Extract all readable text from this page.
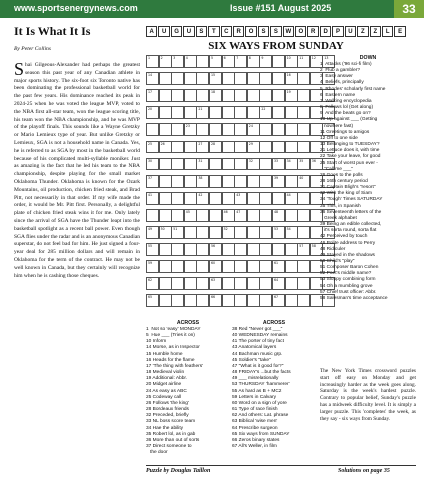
www.sportsenergynews.com	Issue #151 August 2025	33
It Is What It Is
By Peter Collins
Shai Gilgeous-Alexander had perhaps the greatest season this past year of any Canadian athlete in major sports history. The six-foot six Toronto native has been dominating the professional basketball world for the past few years. His dominance reached its peak in 2024-25 when he was voted the league MVP, voted to the NBA first all-star team, won the league scoring title, his team won the NBA championship, and he was MVP of the playoff finals. This sounds like a Wayne Gretzky or Mario Lemieux type of year. But unlike Gretzky or Lemieux, SGA is not a household name in Canada. Yes, he is referred to as SGA by most in the basketball world because of his complicated multi-syllable moniker. Just as amazing is the fact that he led his team to the NBA championship, despite playing for the small market Oklahoma Thunder. Oklahoma is known for the Ozark Mountains, oil production, chicken fried steak, and Brad Pitt, not necessarily in that order. If my wife made the order, it would be Mr. Pitt first. Personally, a delightful plate of chicken fried steak wins it for me. Only lately since the arrival of SGA have the Thunder leapt into the basketball spotlight as a recent ball power. Even though SGA flies under the radar and is an anonymous Canadian superstar, do not feel bad for him. He just signed a four-year deal for 285 million dollars and will remain in Oklahoma for the term of the contract. He may not be well known in Canada, but they certainly will recognize him when he is cashing those cheques.
A	U	G	U	S	T	C	R	O	S	S	W	O	R	D	P	U	Z	Z	L	E
SIX WAYS FROM SUNDAY
1	2	3	4	5	6	7	8	9	10	11	12	13
14	15	16
17	18	19
20	21	22
23	24
25	26	27	28	29
30	31	32	33	34	35	36
37	38	39	40
41	42	43	44
45	46	47	48
49	50	51	52	53	54
55	56	57	58
59	60	61
62	63	64
65	66	67
DOWN
1  Attacks ('96 sci-fi film)
2  Flub a gambler?
3  Easy answer
4  Beliefs, principally
5  Rhodes' scholarly first name
6  Eastern name
7  Walking encyclopedia
8  Follows lol (Get along)
9  And the beats go on?
10 Up against ___ (Getting
nowhere fast)
11 Greetings to amigos
12 Off to one side
13 Belonging to TUESDAY?
21 Lettuce does it, with time
22 Take your leave, for good
25 Start of worst pun ever -
"Call me ___"
26 Goes to the polls
28 16th century period
31 Captain Bligh's "resort"
32 With the king of Siam
34 'Tough' Times SATURDAY
35 This, in Spanish
36 Seventeenth letters of the
Greek alphabet
39 Being an edible collected,
it's sorta round, sorta flat
42 Perceived by touch
46 Polite address to Perry
48 Ridiculer
49 Stayed in the shadows
50 Child's "play"
51 Composer Baron Cohen
52 Poet's middle name?
53 Sloppy combining form
54 Oh a mumbling grove
57 Chief trust officer: Abbr.
58 Salesman's time acceptance
ACROSS
1  Not so 'easy' MONDAY
5  Hue ___ (Tries it on)
10 Inform
14 Morse, as in Inspector
15 Humble home
16 Heads for the flame
17 'The thing with feathers'
18 Medieval violin
19 Additional: Abbr.
20 Midget airline
24 As easy as ABC
25 Codeway call
26 Follows 'the king'
28 Bordeaux friends
32 Preceded, briefly
33 NL boss score team
34 Hae the ability
35 Robert lol, as in gab
36 More than out of sorts
37 Direct someone to
the door
ACROSS
38 Red "Never got ___"
40 WEDNESDAY remains
41 The porter of tiny fact
43 Anatomical layers
44 Bachman music grp.
45 Soldier's "take"
47 "What is it good for?"
48 FRIDAY's ...but the facts
49 ___ misrelationally
53 THURSDAY 'hammerer'
55 As hard as B + MC2
59 Letters in Calvary
60 Word on a sign of yore
61 Type of race finish
62 And others: Lat. phrase
63 Biblical 'wise men'
64 Prescribe surgeon
65 Six ways from SUNDAY
66 Zeros binary states
67 All's Weller, in film
The New York Times crossword puzzles start off easy on Monday and get increasingly harder as the week goes along. Saturday is the week's hardest puzzle. Contrary to popular belief, Sunday's puzzle has a midweek difficulty level. It is simply a larger puzzle. This 'completes' the week, as they say - six ways from Sunday.
Puzzle by Douglas Taillon	Solutions on page 35
